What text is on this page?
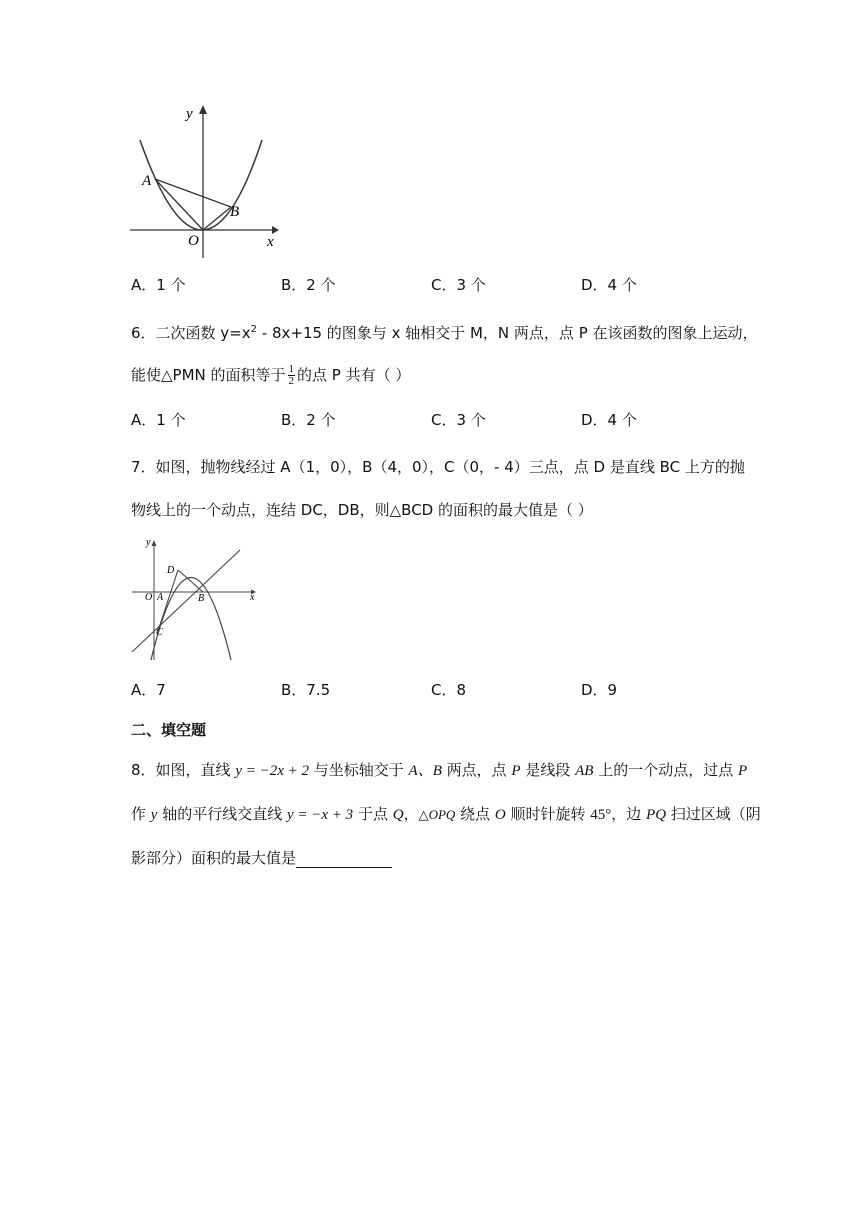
y
x
O
A
B
A．1 个	B．2 个	C．3 个	D．4 个
6．二次函数 $y=x^2 - 8x+15$ 的图象与 x 轴相交于 M，N 两点，点 P 在该函数的图象上运动，
能使△PMN 的面积等于 $\frac{1}{2}$ 的点 P 共有（ ）
A．1 个	B．2 个	C．3 个	D．4 个
7．如图，抛物线经过 A（1，0），B（4，0），C（0，- 4）三点，点 D 是直线 BC 上方的抛
物线上的一个动点，连结 DC，DB，则△BCD 的面积的最大值是（ ）
y
x
O A	B
C
D
A．7	B．7.5	C．8	D．9
二、填空题
8．如图，直线 y = −2x + 2 与坐标轴交于 A、B 两点，点 P 是线段 AB 上的一个动点，过点 P
作 y 轴的平行线交直线 y = −x + 3 于点 Q，△OPQ 绕点 O 顺时针旋转 45°，边 PQ 扫过区域（阴
影部分）面积的最大值是
